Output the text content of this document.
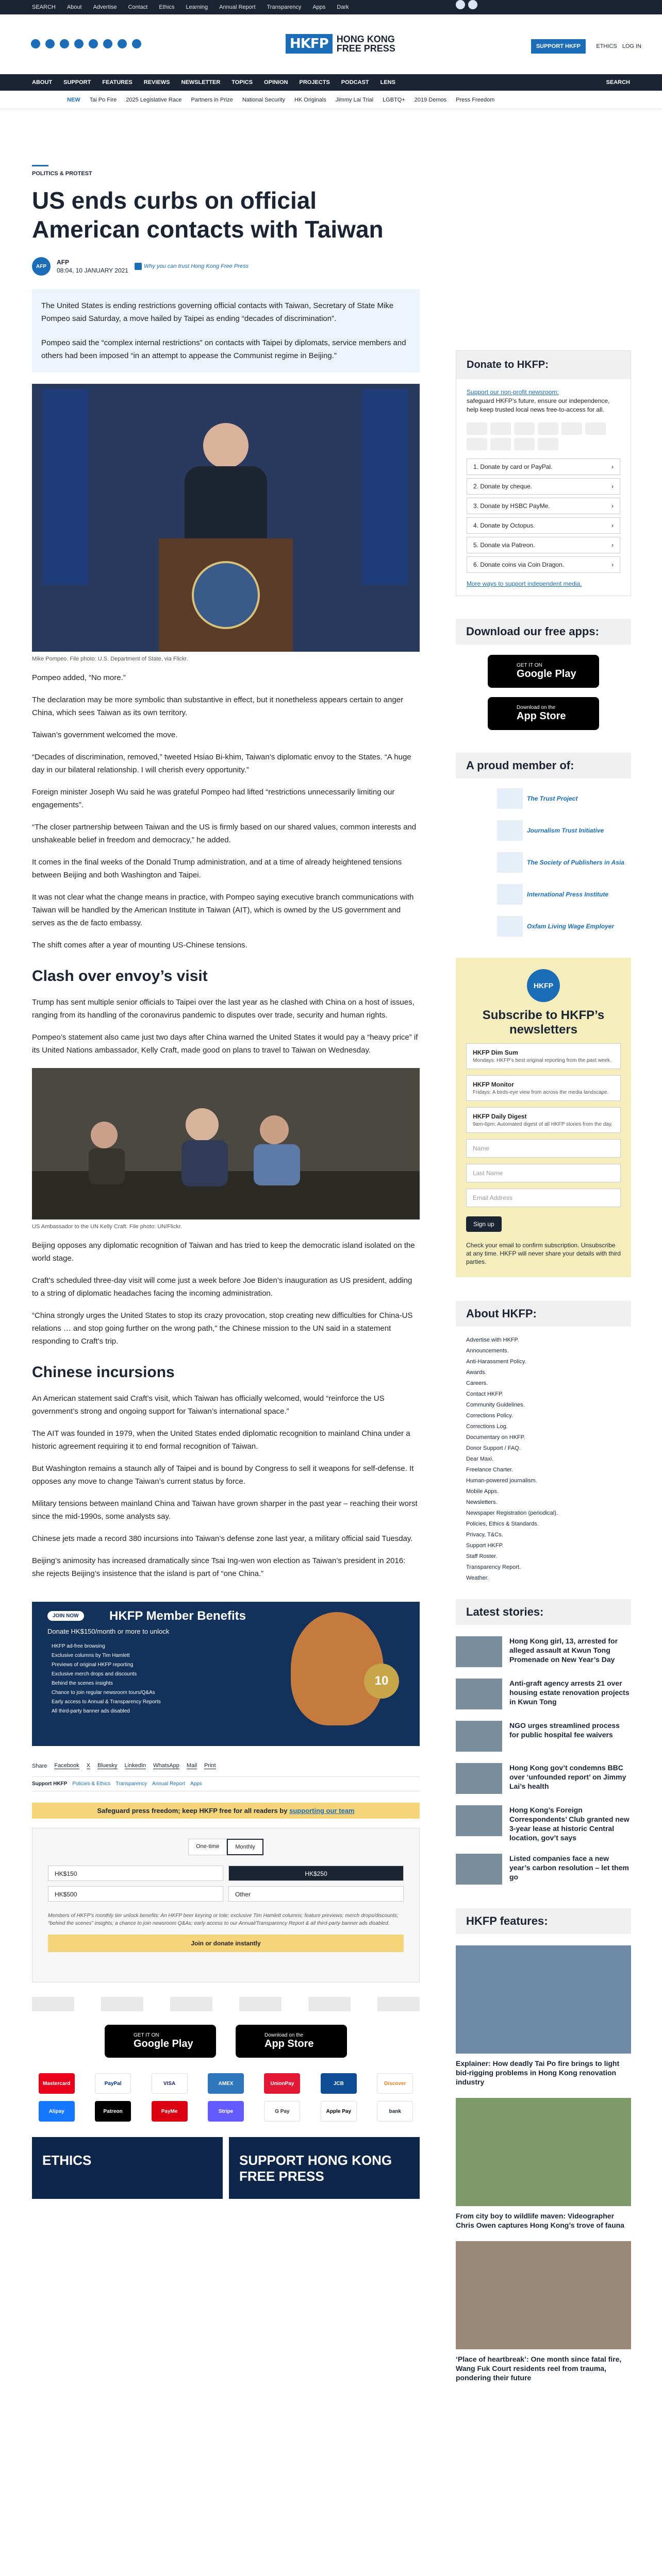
SEARCH About Advertise Contact Ethics Learning Annual Report Transparency Apps Dark
HKFP HONG KONG
FREE PRESS	SUPPORT HKFP	ETHICS LOG IN
ABOUT SUPPORT FEATURES REVIEWS NEWSLETTER TOPICS OPINION PROJECTS PODCAST LENS	SEARCH
NEW Tai Po Fire 2025 Legislative Race Partners in Prize National Security HK Originals Jimmy Lai Trial LGBTQ+ 2019 Demos Press Freedom
POLITICS & PROTEST
US ends curbs on official American contacts with Taiwan
AFP
AFP
08:04, 10 JANUARY 2021
Why you can trust Hong Kong Free Press

The United States is ending restrictions governing official contacts with Taiwan, Secretary of State Mike Pompeo said Saturday, a move hailed by Taipei as ending “decades of discrimination”.

Pompeo said the “complex internal restrictions” on contacts with Taipei by diplomats, service members and others had been imposed “in an attempt to appease the Communist regime in Beijing.”

Mike Pompeo. File photo: U.S. Department of State, via Flickr.

Pompeo added, “No more.”

The declaration may be more symbolic than substantive in effect, but it nonetheless appears certain to anger China, which sees Taiwan as its own territory.

Taiwan’s government welcomed the move.

“Decades of discrimination, removed,” tweeted Hsiao Bi-khim, Taiwan’s diplomatic envoy to the States. “A huge day in our bilateral relationship. I will cherish every opportunity.”

Foreign minister Joseph Wu said he was grateful Pompeo had lifted “restrictions unnecessarily limiting our engagements”.

“The closer partnership between Taiwan and the US is firmly based on our shared values, common interests and unshakeable belief in freedom and democracy,” he added.

It comes in the final weeks of the Donald Trump administration, and at a time of already heightened tensions between Beijing and both Washington and Taipei.

It was not clear what the change means in practice, with Pompeo saying executive branch communications with Taiwan will be handled by the American Institute in Taiwan (AIT), which is owned by the US government and serves as the de facto embassy.

The shift comes after a year of mounting US-Chinese tensions.

Clash over envoy’s visit

Trump has sent multiple senior officials to Taipei over the last year as he clashed with China on a host of issues, ranging from its handling of the coronavirus pandemic to disputes over trade, security and human rights.

Pompeo’s statement also came just two days after China warned the United States it would pay a “heavy price” if its United Nations ambassador, Kelly Craft, made good on plans to travel to Taiwan on Wednesday.

US Ambassador to the UN Kelly Craft. File photo: UN/Flickr.

Beijing opposes any diplomatic recognition of Taiwan and has tried to keep the democratic island isolated on the world stage.

Craft’s scheduled three-day visit will come just a week before Joe Biden’s inauguration as US president, adding to a string of diplomatic headaches facing the incoming administration.

“China strongly urges the United States to stop its crazy provocation, stop creating new difficulties for China-US relations … and stop going further on the wrong path,” the Chinese mission to the UN said in a statement responding to Craft’s trip.

Chinese incursions

An American statement said Craft’s visit, which Taiwan has officially welcomed, would “reinforce the US government’s strong and ongoing support for Taiwan’s international space.”

The AIT was founded in 1979, when the United States ended diplomatic recognition to mainland China under a historic agreement requiring it to end formal recognition of Taiwan.

But Washington remains a staunch ally of Taipei and is bound by Congress to sell it weapons for self-defense. It opposes any move to change Taiwan’s current status by force.

Military tensions between mainland China and Taiwan have grown sharper in the past year – reaching their worst since the mid-1990s, some analysts say.

Chinese jets made a record 380 incursions into Taiwan’s defense zone last year, a military official said Tuesday.

Beijing’s animosity has increased dramatically since Tsai Ing-wen won election as Taiwan’s president in 2016: she rejects Beijing’s insistence that the island is part of “one China.”

JOIN NOW	HKFP Member Benefits
Donate HK$150/month or more to unlock
HKFP ad-free browsing
Exclusive columns by Tim Hamlett
Previews of original HKFP reporting
Exclusive merch drops and discounts
Behind the scenes insights
Chance to join regular newsroom tours/Q&As
Early access to Annual & Transparency Reports
All third-party banner ads disabled
10
Share Facebook X Bluesky LinkedIn WhatsApp Mail Print
Support HKFP Policies & Ethics Transparency Annual Report Apps
Safeguard press freedom; keep HKFP free for all readers by supporting our team
One-time	Monthly
HK$150	HK$250
HK$500	Other
Members of HKFP’s monthly tier unlock benefits: An HKFP beer keyring or tote; exclusive Tim Hamlett columns; feature previews; merch drops/discounts; “behind the scenes” insights; a chance to join newsroom Q&As; early access to our Annual/Transparency Report & all third-party banner ads disabled.
Join or donate instantly
GET IT ON
Google Play
Download on the
App Store
Mastercard	PayPal	VISA	AMEX	UnionPay	JCB	Discover
Alipay	Patreon	PayMe	Stripe	G Pay	Apple Pay	bank
ETHICS	SUPPORT HONG KONG FREE PRESS
Donate to HKFP:
Support our non-profit newsroom:
safeguard HKFP’s future, ensure our independence, help keep trusted local news free-to-access for all.
1. Donate by card or PayPal.	›
2. Donate by cheque.	›
3. Donate by HSBC PayMe.	›
4. Donate by Octopus.	›
5. Donate via Patreon.	›
6. Donate coins via Coin Dragon.	›
More ways to support independent media.
Download our free apps:
GET IT ON
Google Play
Download on the
App Store
A proud member of:
The Trust Project
Journalism Trust Initiative
The Society of Publishers in Asia
International Press Institute
Oxfam Living Wage Employer
HKFP
Subscribe to HKFP’s newsletters
HKFP Dim Sum
Mondays: HKFP’s best original reporting from the past week.
HKFP Monitor
Fridays: A birds-eye view from across the media landscape.
HKFP Daily Digest
9am-6pm: Automated digest of all HKFP stories from the day.
Name
Last Name
Email Address
Sign up
Check your email to confirm subscription. Unsubscribe at any time. HKFP will never share your details with third parties.
About HKFP:
Advertise with HKFP.
Announcements.
Anti-Harassment Policy.
Awards.
Careers.
Contact HKFP.
Community Guidelines.
Corrections Policy.
Corrections Log.
Documentary on HKFP.
Donor Support / FAQ.
Dear Maxi.
Freelance Charter.
Human-powered journalism.
Mobile Apps.
Newsletters.
Newspaper Registration (periodical).
Policies, Ethics & Standards.
Privacy, T&Cs.
Support HKFP.
Staff Roster.
Transparency Report.
Weather.
Latest stories:
Hong Kong girl, 13, arrested for alleged assault at Kwun Tong Promenade on New Year’s Day
Anti-graft agency arrests 21 over housing estate renovation projects in Kwun Tong
NGO urges streamlined process for public hospital fee waivers
Hong Kong gov’t condemns BBC over ‘unfounded report’ on Jimmy Lai’s health
Hong Kong’s Foreign Correspondents’ Club granted new 3-year lease at historic Central location, gov’t says
Listed companies face a new year’s carbon resolution – let them go
HKFP features:
Explainer: How deadly Tai Po fire brings to light bid-rigging problems in Hong Kong renovation industry
From city boy to wildlife maven: Videographer Chris Owen captures Hong Kong’s trove of fauna
‘Place of heartbreak’: One month since fatal fire, Wang Fuk Court residents reel from trauma, pondering their future
